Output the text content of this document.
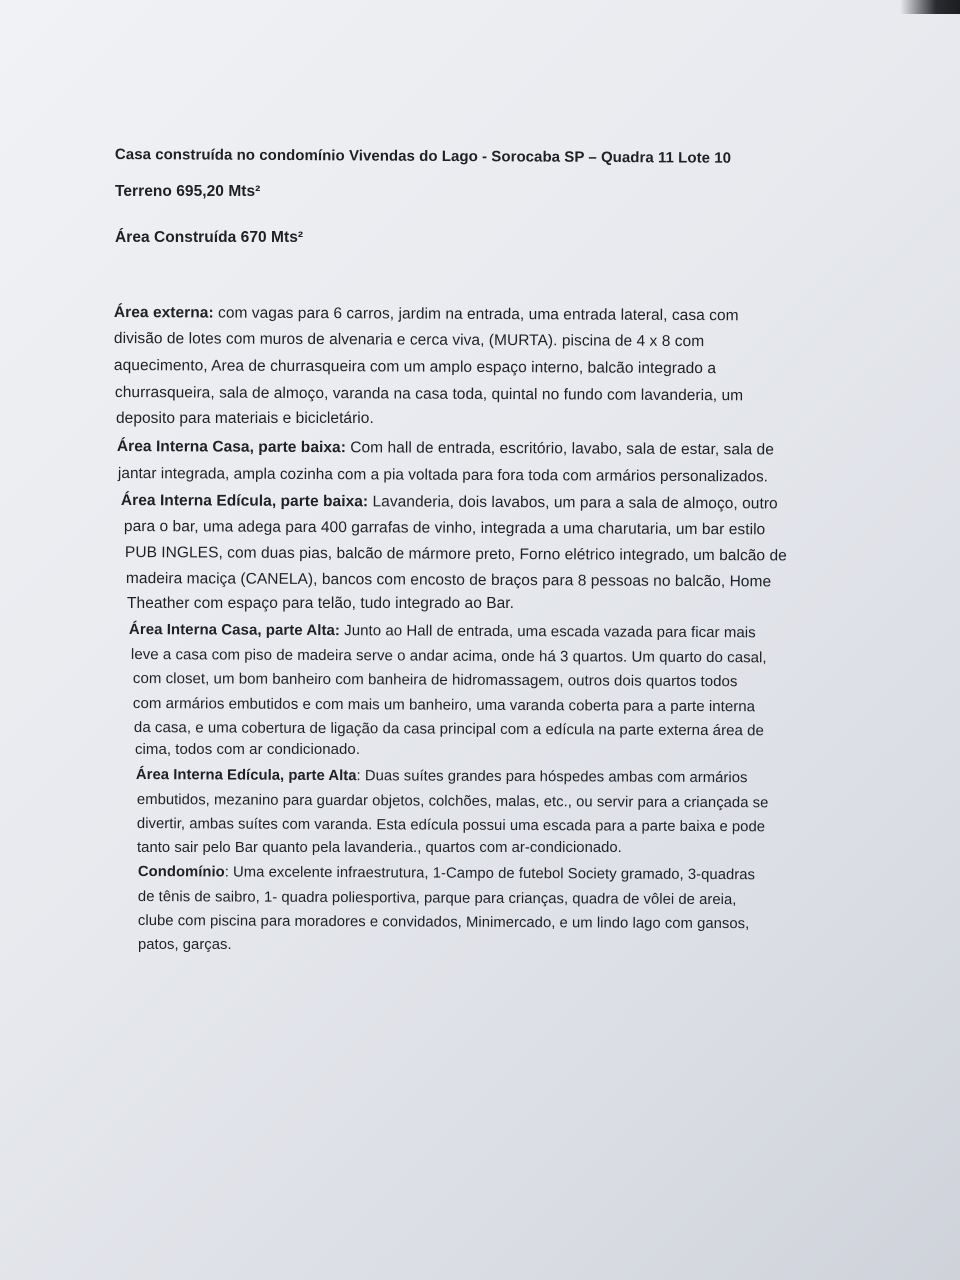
Casa construída no condomínio Vivendas do Lago - Sorocaba SP – Quadra 11 Lote 10
Terreno 695,20 Mts²
Área Construída 670 Mts²
Área externa: com vagas para 6 carros, jardim na entrada, uma entrada lateral, casa com
divisão de lotes com muros de alvenaria e cerca viva, (MURTA). piscina de 4 x 8 com
aquecimento, Area de churrasqueira com um amplo espaço interno, balcão integrado a
churrasqueira, sala de almoço, varanda na casa toda, quintal no fundo com lavanderia, um
deposito para materiais e bicicletário.
Área Interna Casa, parte baixa: Com hall de entrada, escritório, lavabo, sala de estar, sala de
jantar integrada, ampla cozinha com a pia voltada para fora toda com armários personalizados.
Área Interna Edícula, parte baixa: Lavanderia, dois lavabos, um para a sala de almoço, outro
para o bar, uma adega para 400 garrafas de vinho, integrada a uma charutaria, um bar estilo
PUB INGLES, com duas pias, balcão de mármore preto, Forno elétrico integrado, um balcão de
madeira maciça (CANELA), bancos com encosto de braços para 8 pessoas no balcão, Home
Theather com espaço para telão, tudo integrado ao Bar.
Área Interna Casa, parte Alta: Junto ao Hall de entrada, uma escada vazada para ficar mais
leve a casa com piso de madeira serve o andar acima, onde há 3 quartos. Um quarto do casal,
com closet, um bom banheiro com banheira de hidromassagem, outros dois quartos todos
com armários embutidos e com mais um banheiro, uma varanda coberta para a parte interna
da casa, e uma cobertura de ligação da casa principal com a edícula na parte externa área de
cima, todos com ar condicionado.
Área Interna Edícula, parte Alta: Duas suítes grandes para hóspedes ambas com armários
embutidos, mezanino para guardar objetos, colchões, malas, etc., ou servir para a criançada se
divertir, ambas suítes com varanda. Esta edícula possui uma escada para a parte baixa e pode
tanto sair pelo Bar quanto pela lavanderia., quartos com ar-condicionado.
Condomínio: Uma excelente infraestrutura, 1-Campo de futebol Society gramado, 3-quadras
de tênis de saibro, 1- quadra poliesportiva, parque para crianças, quadra de vôlei de areia,
clube com piscina para moradores e convidados, Minimercado, e um lindo lago com gansos,
patos, garças.
